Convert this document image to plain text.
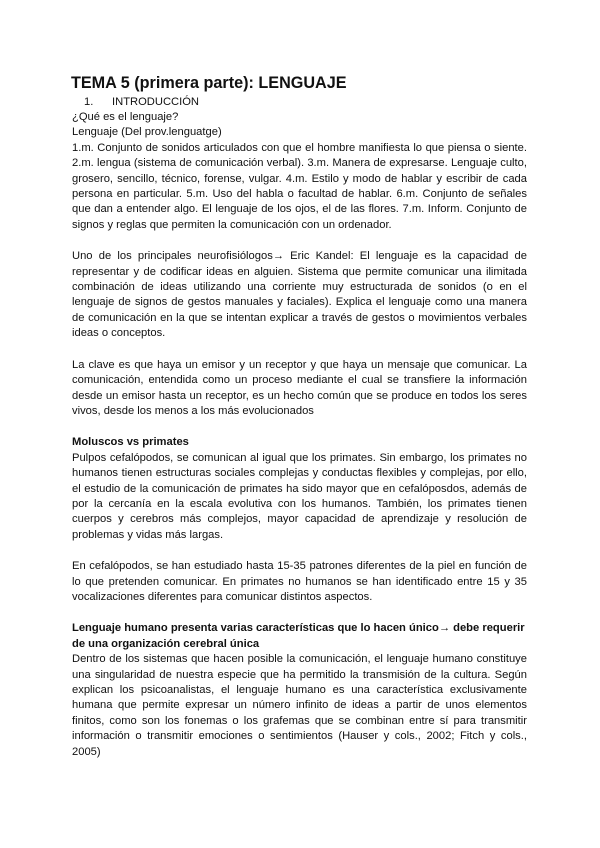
TEMA 5 (primera parte): LENGUAJE
1. INTRODUCCIÓN

¿Qué es el lenguaje?

Lenguaje (Del prov.lenguatge)

1.m. Conjunto de sonidos articulados con que el hombre manifiesta lo que piensa o siente. 2.m. lengua (sistema de comunicación verbal). 3.m. Manera de expresarse. Lenguaje culto, grosero, sencillo, técnico, forense, vulgar. 4.m. Estilo y modo de hablar y escribir de cada persona en particular. 5.m. Uso del habla o facultad de hablar. 6.m. Conjunto de señales que dan a entender algo. El lenguaje de los ojos, el de las flores. 7.m. Inform. Conjunto de signos y reglas que permiten la comunicación con un ordenador.

Uno de los principales neurofisiólogos→ Eric Kandel: El lenguaje es la capacidad de representar y de codificar ideas en alguien. Sistema que permite comunicar una ilimitada combinación de ideas utilizando una corriente muy estructurada de sonidos (o en el lenguaje de signos de gestos manuales y faciales). Explica el lenguaje como una manera de comunicación en la que se intentan explicar a través de gestos o movimientos verbales ideas o conceptos.

La clave es que haya un emisor y un receptor y que haya un mensaje que comunicar. La comunicación, entendida como un proceso mediante el cual se transfiere la información desde un emisor hasta un receptor, es un hecho común que se produce en todos los seres vivos, desde los menos a los más evolucionados

Moluscos vs primates

Pulpos cefalópodos, se comunican al igual que los primates. Sin embargo, los primates no humanos tienen estructuras sociales complejas y conductas flexibles y complejas, por ello, el estudio de la comunicación de primates ha sido mayor que en cefalóposdos, además de por la cercanía en la escala evolutiva con los humanos. También, los primates tienen cuerpos y cerebros más complejos, mayor capacidad de aprendizaje y resolución de problemas y vidas más largas.

En cefalópodos, se han estudiado hasta 15-35 patrones diferentes de la piel en función de lo que pretenden comunicar. En primates no humanos se han identificado entre 15 y 35 vocalizaciones diferentes para comunicar distintos aspectos.

Lenguaje humano presenta varias características que lo hacen único→ debe requerir de una organización cerebral única

Dentro de los sistemas que hacen posible la comunicación, el lenguaje humano constituye una singularidad de nuestra especie que ha permitido la transmisión de la cultura. Según explican los psicoanalistas, el lenguaje humano es una característica exclusivamente humana que permite expresar un número infinito de ideas a partir de unos elementos finitos, como son los fonemas o los grafemas que se combinan entre sí para transmitir información o transmitir emociones o sentimientos (Hauser y cols., 2002; Fitch y cols., 2005)
